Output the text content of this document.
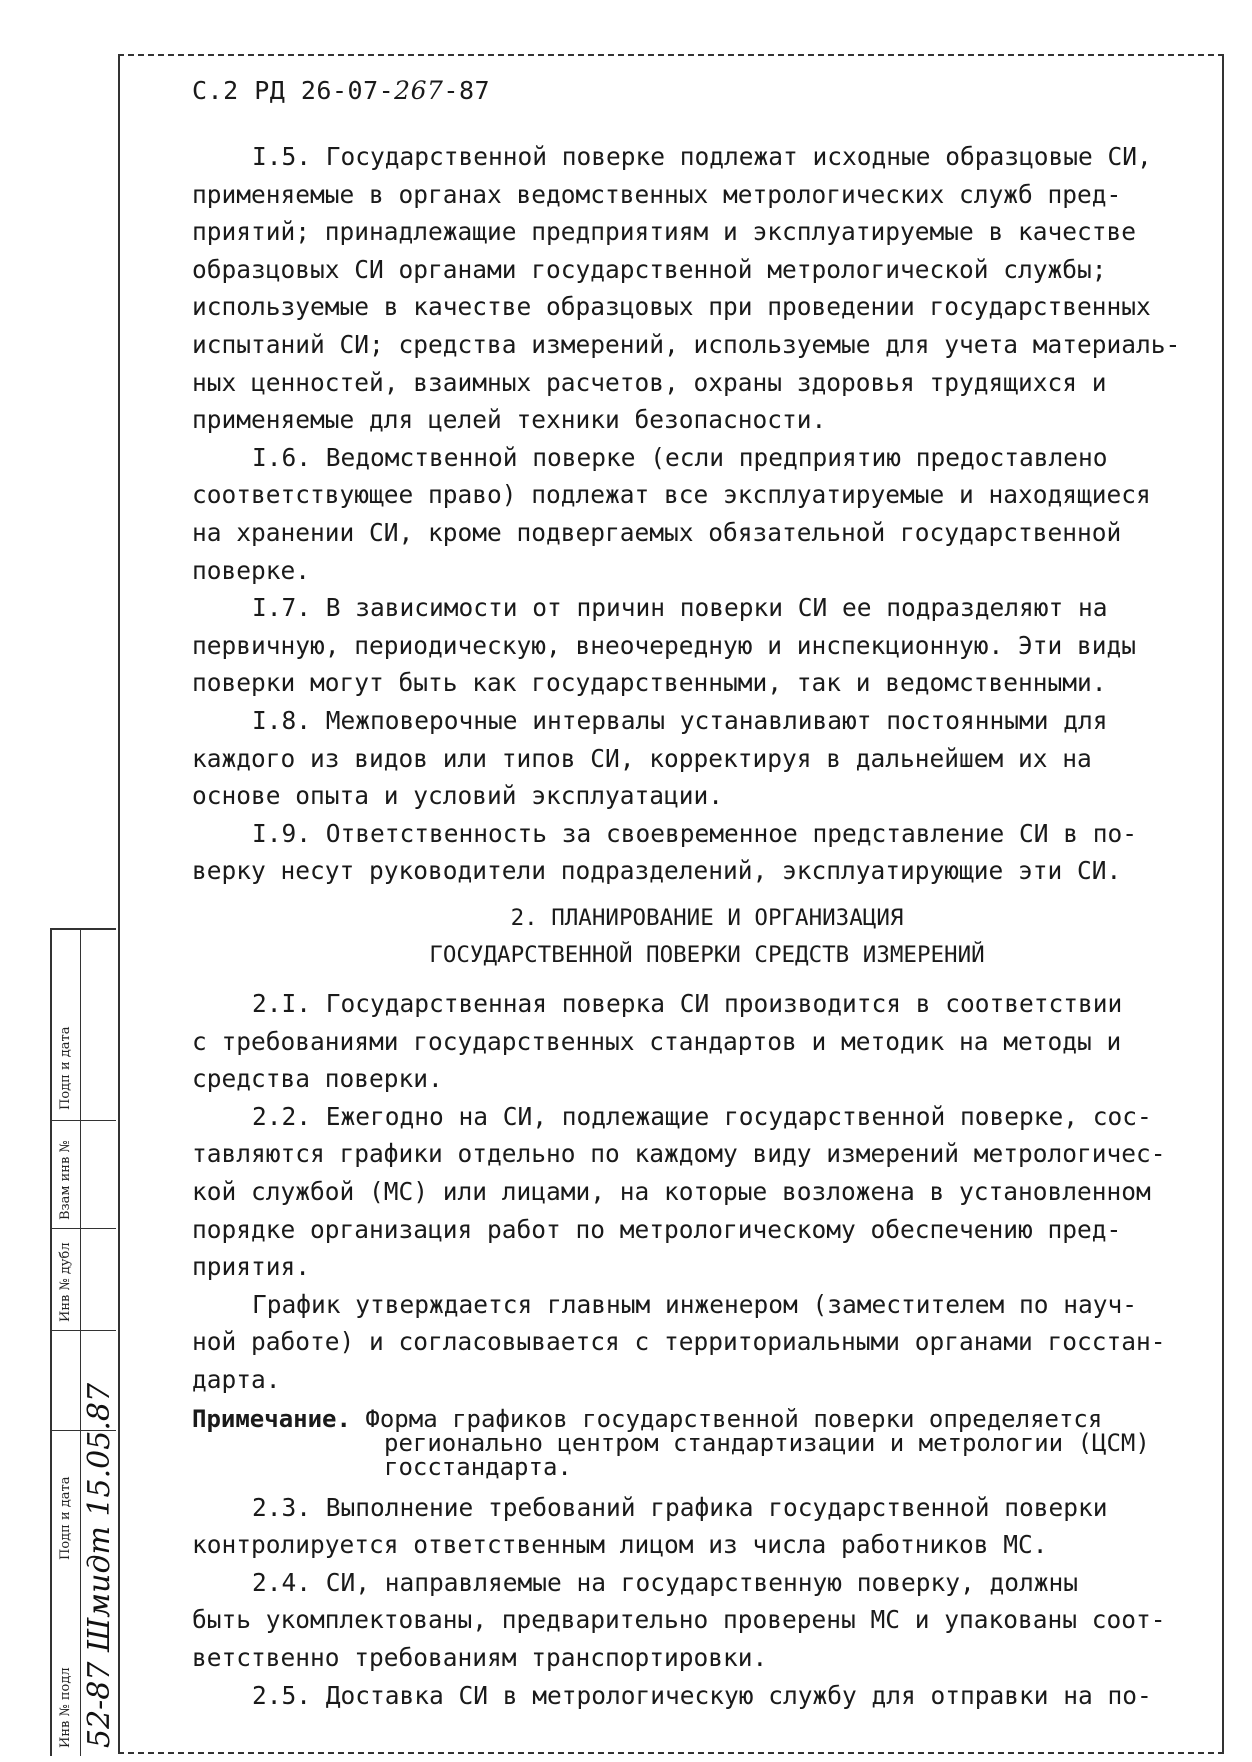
С.2 РД 26-07-267-87

I.5. Государственной поверке подлежат исходные образцовые СИ,

применяемые в органах ведомственных метрологических служб пред-

приятий; принадлежащие предприятиям и эксплуатируемые в качестве

образцовых СИ органами государственной метрологической службы;

используемые в качестве образцовых при проведении государственных

испытаний СИ; средства измерений, используемые для учета материаль-

ных ценностей, взаимных расчетов, охраны здоровья трудящихся и

применяемые для целей техники безопасности.

I.6. Ведомственной поверке (если предприятию предоставлено

соответствующее право) подлежат все эксплуатируемые и находящиеся

на хранении СИ, кроме подвергаемых обязательной государственной

поверке.

I.7. В зависимости от причин поверки СИ ее подразделяют на

первичную, периодическую, внеочередную и инспекционную. Эти виды

поверки могут быть как государственными, так и ведомственными.

I.8. Межповерочные интервалы устанавливают постоянными для

каждого из видов или типов СИ, корректируя в дальнейшем их на

основе опыта и условий эксплуатации.

I.9. Ответственность за своевременное представление СИ в по-

верку несут руководители подразделений, эксплуатирующие эти СИ.

2. ПЛАНИРОВАНИЕ И ОРГАНИЗАЦИЯ

ГОСУДАРСТВЕННОЙ ПОВЕРКИ СРЕДСТВ ИЗМЕРЕНИЙ

2.I. Государственная поверка СИ производится в соответствии

с требованиями государственных стандартов и методик на методы и

средства поверки.

2.2. Ежегодно на СИ, подлежащие государственной поверке, сос-

тавляются графики отдельно по каждому виду измерений метрологичес-

кой службой (МС) или лицами, на которые возложена в установленном

порядке организация работ по метрологическому обеспечению пред-

приятия.

График утверждается главным инженером (заместителем по науч-

ной работе) и согласовывается с территориальными органами госстан-

дарта.

Примечание. Форма графиков государственной поверки определяется

регионально центром стандартизации и метрологии (ЦСМ)

госстандарта.

2.3. Выполнение требований графика государственной поверки

контролируется ответственным лицом из числа работников МС.

2.4. СИ, направляемые на государственную поверку, должны

быть укомплектованы, предварительно проверены МС и упакованы соот-

ветственно требованиям транспортировки.

2.5. Доставка СИ в метрологическую службу для отправки на по-

Инв № подл
Подп и дата
Взам инв №
Инв № дубл
Подп и дата 52-87 Шмидт 15.05.87
